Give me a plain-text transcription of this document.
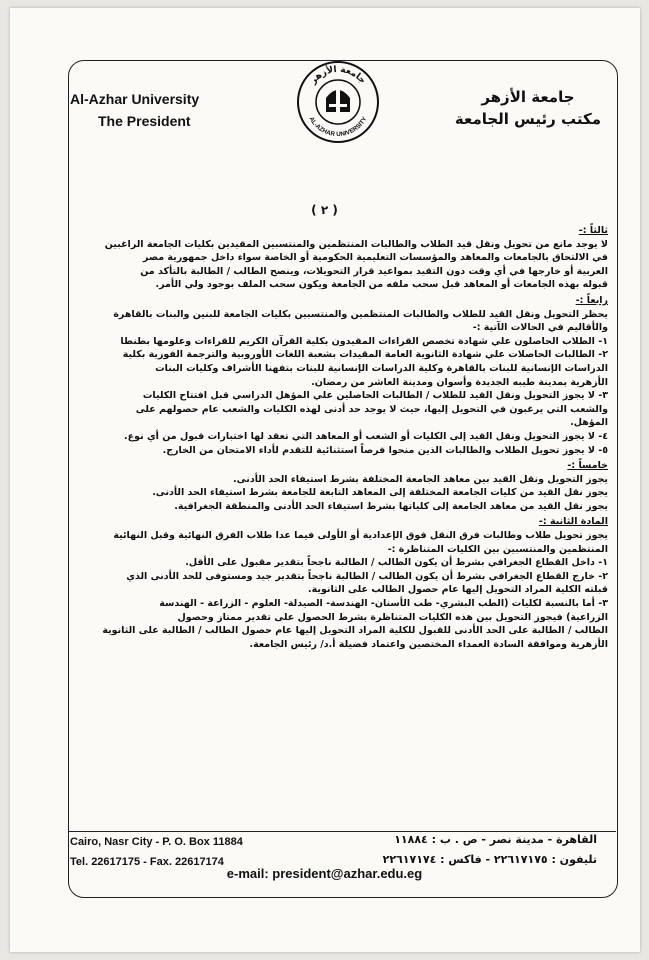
Al-Azhar University
The President
جامعة الأزهر
مكتب رئيس الجامعة
جامعة الأزهر
AL-AZHAR UNIVERSITY
( ٢ )

ثالثاً :-

لا يوجد مانع من تحويل ونقل قيد الطلاب والطالبات المنتظمين والمنتسبين المقيدين بكليات الجامعة الراغبين

في الالتحاق بالجامعات والمعاهد والمؤسسات التعليمية الحكومية أو الخاصة سواء داخل جمهورية مصر

العربية أو خارجها في أي وقت دون التقيد بمواعيد قرار التحويلات، وينصح الطالب / الطالبة بالتأكد من

قبوله بهذه الجامعات أو المعاهد قبل سحب ملفه من الجامعة ويكون سحب الملف بوجود ولي الأمر.

رابعاً :-

يحظر التحويل ونقل القيد للطلاب والطالبات المنتظمين والمنتسبين بكليات الجامعة للبنين والبنات بالقاهرة

والأقاليم في الحالات الآتية :-

١- الطلاب الحاصلون علي شهادة تخصص القراءات المقيدون بكلية القرآن الكريم للقراءات وعلومها بطنطا

٢- الطالبات الحاصلات علي شهادة الثانوية العامة المقيدات بشعبة اللغات الأوروبية والترجمة الفورية بكلية

الدراسات الإنسانية للبنات بالقاهرة وكلية الدراسات الإنسانية للبنات بتفهنا الأشراف وكليات البنات

الأزهرية بمدينة طيبه الجديدة وأسوان ومدينة العاشر من رمضان.

٣- لا يجوز التحويل ونقل القيد للطلاب / الطالبات الحاصلين علي المؤهل الدراسي قبل افتتاح الكليات

والشعب التي يرغبون في التحويل إليها، حيث لا يوجد حد أدنى لهذه الكليات والشعب عام حصولهم على

المؤهل.

٤- لا يجوز التحويل ونقل القيد إلى الكليات أو الشعب أو المعاهد التي تعقد لها اختبارات قبول من أي نوع.

٥- لا يجوز تحويل الطلاب والطالبات الذين منحوا فرصاً استثنائية للتقدم لأداء الامتحان من الخارج.

خامساً :-

يجوز التحويل ونقل القيد بين معاهد الجامعة المختلفة بشرط استيفاء الحد الأدنى.

يجوز نقل القيد من كليات الجامعة المختلفة إلى المعاهد التابعة للجامعة بشرط استيفاء الحد الأدنى.

يجوز نقل القيد من معاهد الجامعة إلى كلياتها بشرط استيفاء الحد الأدنى والمنطقة الجغرافية.

المادة الثانية :-

يجوز تحويل طلاب وطالبات فرق النقل فوق الإعدادية أو الأولى فيما عدا طلاب الفرق النهائية وقبل النهائية

المنتظمين والمنتسبين بين الكليات المتناظرة :-

١- داخل القطاع الجغرافي بشرط أن يكون الطالب / الطالبة ناجحاً بتقدير مقبول على الأقل.

٢- خارج القطاع الجغرافي بشرط أن يكون الطالب / الطالبة ناجحاً بتقدير جيد ومستوفى للحد الأدنى الذي

قبلته الكلية المراد التحويل إليها عام حصول الطالب على الثانوية.

٣- أما بالنسبة لكليات (الطب البشري- طب الأسنان- الهندسة- الصيدلة- العلوم - الزراعة - الهندسة

الزراعية) فيجوز التحويل بين هذه الكليات المتناظرة بشرط الحصول على تقدير ممتاز وحصول

الطالب / الطالبة على الحد الأدنى للقبول للكلية المراد التحويل إليها عام حصول الطالب / الطالبة على الثانوية

الأزهرية وموافقة السادة العمداء المختصين واعتماد فضيلة أ.د/ رئيس الجامعة.

Cairo, Nasr City - P. O. Box 11884
Tel. 22617175 - Fax. 22617174
القاهرة - مدينة نصر - ص . ب : ١١٨٨٤
تليفون : ٢٢٦١٧١٧٥ - فاكس : ٢٢٦١٧١٧٤
e-mail: president@azhar.edu.eg
